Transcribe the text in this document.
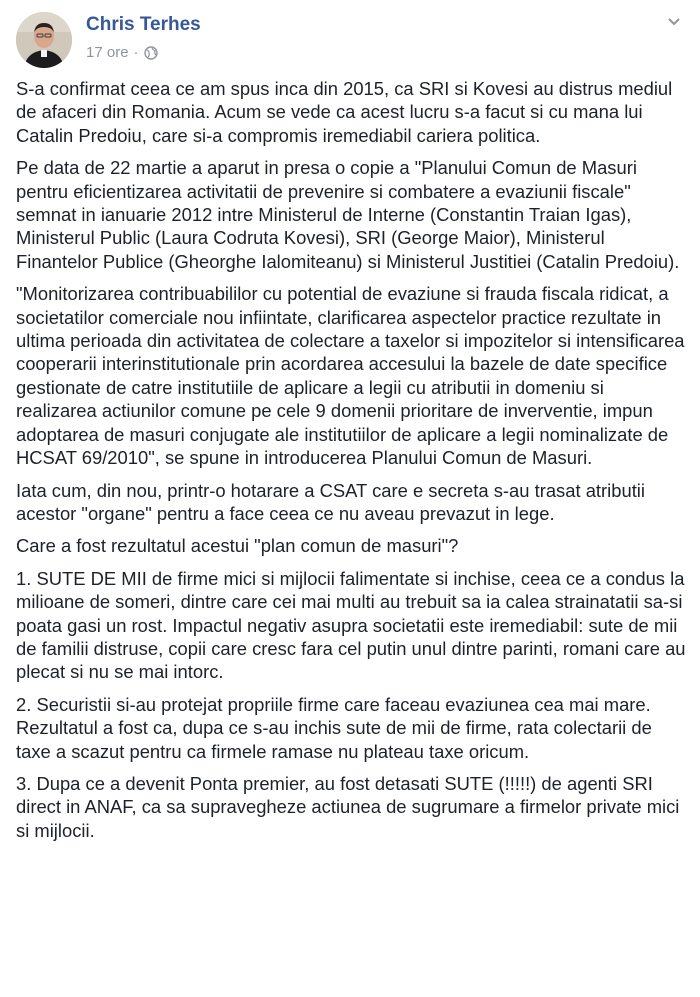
Chris Terhes
17 ore ·

S-a confirmat ceea ce am spus inca din 2015, ca SRI si Kovesi au distrus mediul de afaceri din Romania. Acum se vede ca acest lucru s-a facut si cu mana lui Catalin Predoiu, care si-a compromis iremediabil cariera politica.

Pe data de 22 martie a aparut in presa o copie a "Planului Comun de Masuri pentru eficientizarea activitatii de prevenire si combatere a evaziunii fiscale" semnat in ianuarie 2012 intre Ministerul de Interne (Constantin Traian Igas), Ministerul Public (Laura Codruta Kovesi), SRI (George Maior), Ministerul Finantelor Publice (Gheorghe Ialomiteanu) si Ministerul Justitiei (Catalin Predoiu).

"Monitorizarea contribuabililor cu potential de evaziune si frauda fiscala ridicat, a societatilor comerciale nou infiintate, clarificarea aspectelor practice rezultate in ultima perioada din activitatea de colectare a taxelor si impozitelor si intensificarea cooperarii interinstitutionale prin acordarea accesului la bazele de date specifice gestionate de catre institutiile de aplicare a legii cu atributii in domeniu si realizarea actiunilor comune pe cele 9 domenii prioritare de inverventie, impun adoptarea de masuri conjugate ale institutiilor de aplicare a legii nominalizate de HCSAT 69/2010", se spune in introducerea Planului Comun de Masuri.

Iata cum, din nou, printr-o hotarare a CSAT care e secreta s-au trasat atributii acestor "organe" pentru a face ceea ce nu aveau prevazut in lege.

Care a fost rezultatul acestui "plan comun de masuri"?

1. SUTE DE MII de firme mici si mijlocii falimentate si inchise, ceea ce a condus la milioane de someri, dintre care cei mai multi au trebuit sa ia calea strainatatii sa-si poata gasi un rost. Impactul negativ asupra societatii este iremediabil: sute de mii de familii distruse, copii care cresc fara cel putin unul dintre parinti, romani care au plecat si nu se mai intorc.

2. Securistii si-au protejat propriile firme care faceau evaziunea cea mai mare. Rezultatul a fost ca, dupa ce s-au inchis sute de mii de firme, rata colectarii de taxe a scazut pentru ca firmele ramase nu plateau taxe oricum.

3. Dupa ce a devenit Ponta premier, au fost detasati SUTE (!!!!!) de agenti SRI direct in ANAF, ca sa supravegheze actiunea de sugrumare a firmelor private mici si mijlocii.
